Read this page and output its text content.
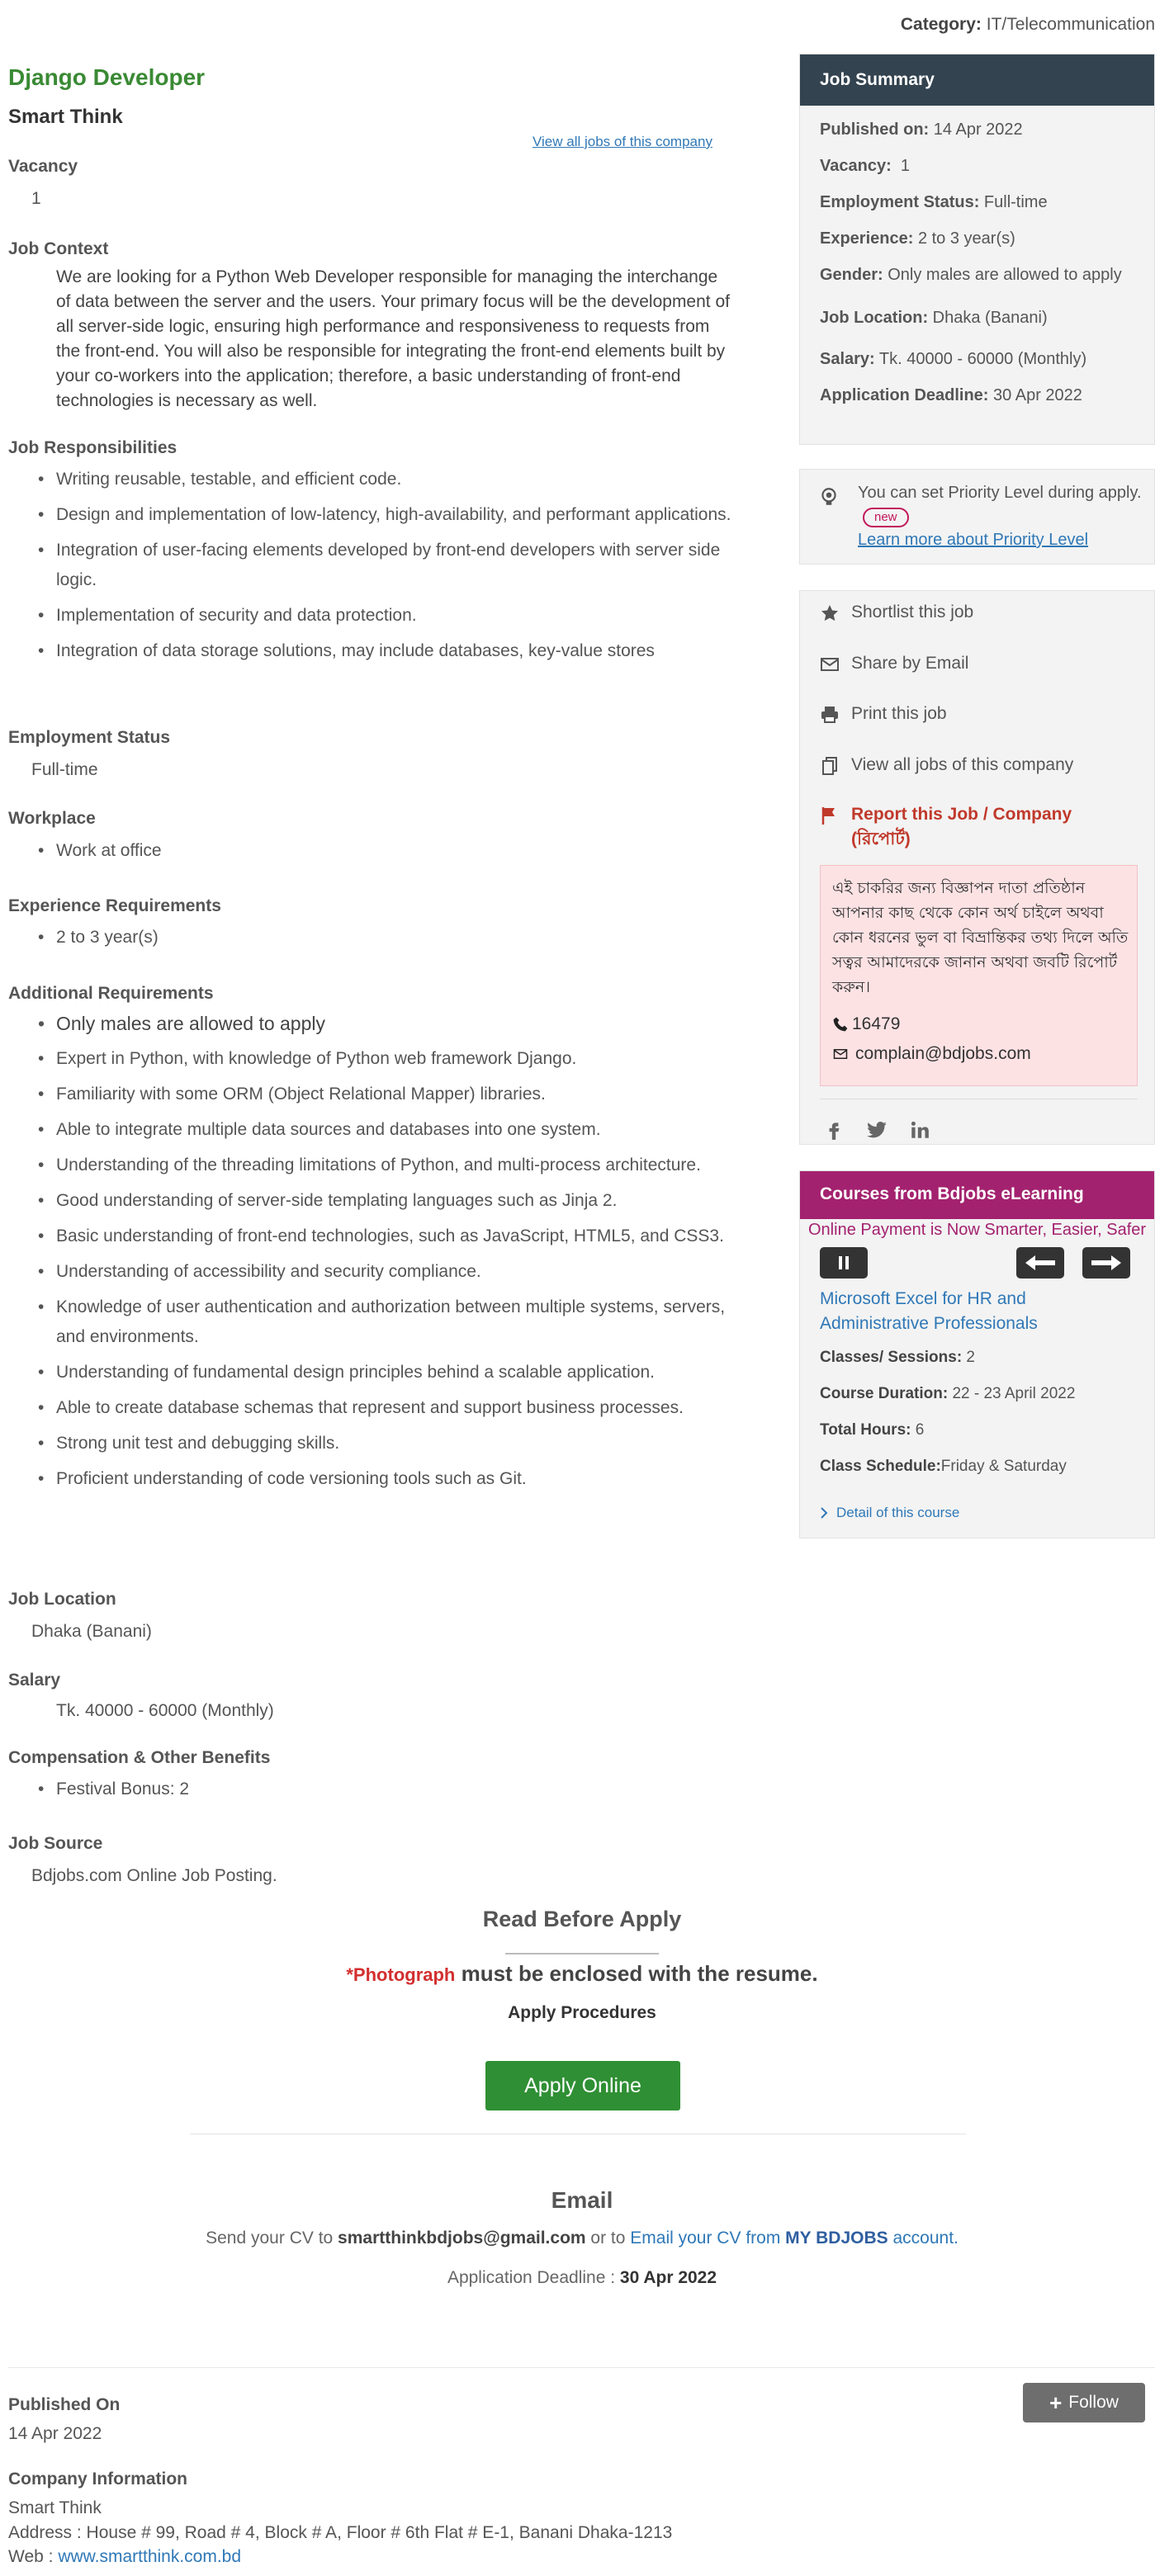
Category: IT/Telecommunication
Django Developer
Smart Think
View all jobs of this company
Vacancy
1
Job Context
We are looking for a Python Web Developer responsible for managing the interchange of data between the server and the users. Your primary focus will be the development of all server-side logic, ensuring high performance and responsiveness to requests from the front-end. You will also be responsible for integrating the front-end elements built by your co-workers into the application; therefore, a basic understanding of front-end technologies is necessary as well.
Job Responsibilities
• Writing reusable, testable, and efficient code.
• Design and implementation of low-latency, high-availability, and performant applications.
• Integration of user-facing elements developed by front-end developers with server side logic.
• Implementation of security and data protection.
• Integration of data storage solutions, may include databases, key-value stores
Employment Status
Full-time
Workplace
• Work at office
Experience Requirements
• 2 to 3 year(s)
Additional Requirements
• Only males are allowed to apply
• Expert in Python, with knowledge of Python web framework Django.
• Familiarity with some ORM (Object Relational Mapper) libraries.
• Able to integrate multiple data sources and databases into one system.
• Understanding of the threading limitations of Python, and multi-process architecture.
• Good understanding of server-side templating languages such as Jinja 2.
• Basic understanding of front-end technologies, such as JavaScript, HTML5, and CSS3.
• Understanding of accessibility and security compliance.
• Knowledge of user authentication and authorization between multiple systems, servers, and environments.
• Understanding of fundamental design principles behind a scalable application.
• Able to create database schemas that represent and support business processes.
• Strong unit test and debugging skills.
• Proficient understanding of code versioning tools such as Git.
Job Location
Dhaka (Banani)
Salary
Tk. 40000 - 60000 (Monthly)
Compensation & Other Benefits
• Festival Bonus: 2
Job Source
Bdjobs.com Online Job Posting.
Read Before Apply
*Photograph must be enclosed with the resume.
Apply Procedures
Apply Online
Email
Send your CV to smartthinkbdjobs@gmail.com or to Email your CV from MY BDJOBS account.
Application Deadline : 30 Apr 2022
Published On
14 Apr 2022
+ Follow
Company Information
Smart Think
Address : House # 99, Road # 4, Block # A, Floor # 6th Flat # E-1, Banani Dhaka-1213
Web : www.smartthink.com.bd
Job Summary
Published on: 14 Apr 2022
Vacancy:  1
Employment Status: Full-time
Experience: 2 to 3 year(s)
Gender: Only males are allowed to apply
Job Location: Dhaka (Banani)
Salary: Tk. 40000 - 60000 (Monthly)
Application Deadline: 30 Apr 2022
You can set Priority Level during apply.new
Learn more about Priority Level
Shortlist this job
Share by Email
Print this job
View all jobs of this company
Report this Job / Company (রিপোর্ট)
এই চাকরির জন্য বিজ্ঞাপন দাতা প্রতিষ্ঠান আপনার কাছ থেকে কোন অর্থ চাইলে অথবা কোন ধরনের ভুল বা বিভ্রান্তিকর তথ্য দিলে অতি সত্বর আমাদেরকে জানান অথবা জবটি রিপোর্ট করুন।
16479
complain@bdjobs.com
Courses from Bdjobs eLearning
Online Payment is Now Smarter, Easier, Safer
Microsoft Excel for HR and Administrative Professionals
Classes/ Sessions: 2
Course Duration: 22 - 23 April 2022
Total Hours: 6
Class Schedule:Friday & Saturday
Detail of this course
